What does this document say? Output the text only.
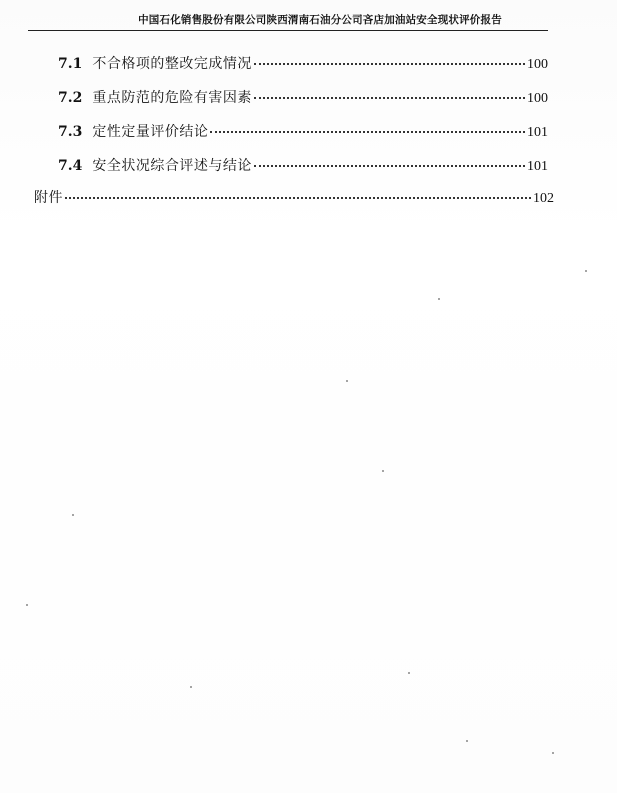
中国石化销售股份有限公司陕西渭南石油分公司吝店加油站安全现状评价报告
7.1 不合格项的整改完成情况	100
7.2 重点防范的危险有害因素	100
7.3 定性定量评价结论	101
7.4 安全状况综合评述与结论	101
附件	102
